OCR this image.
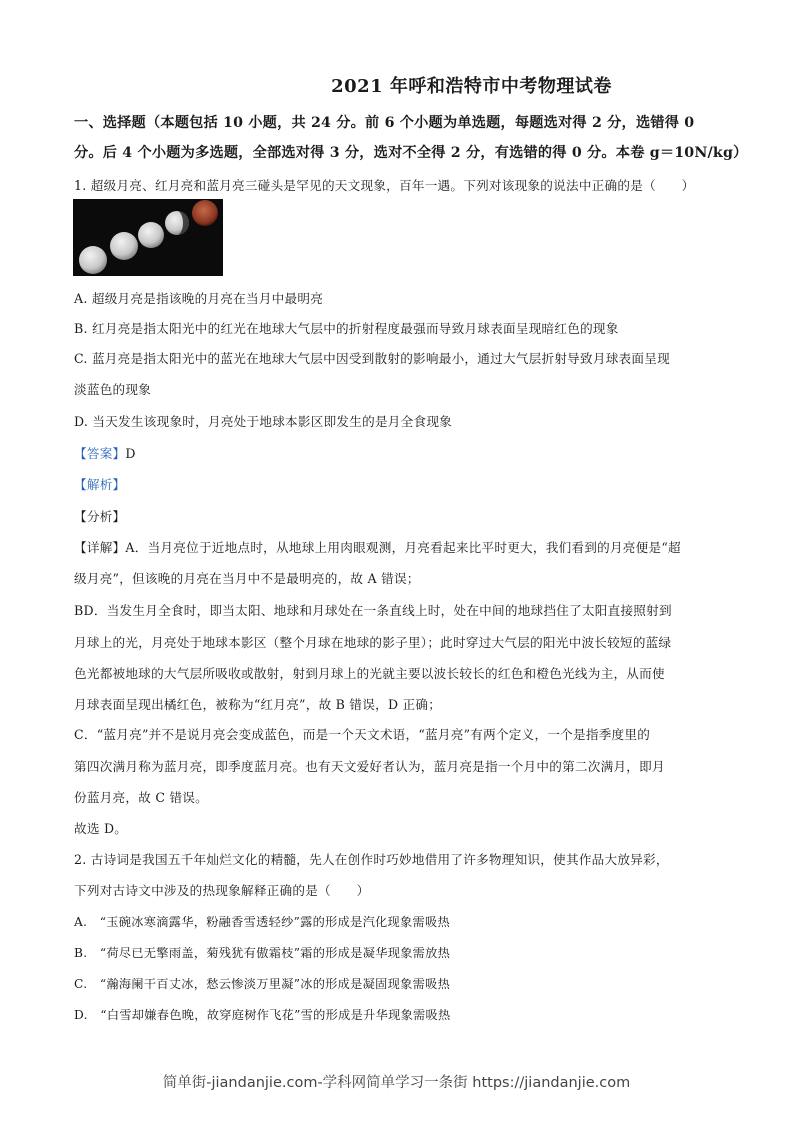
2021 年呼和浩特市中考物理试卷
一、选择题（本题包括 10 小题，共 24 分。前 6 个小题为单选题，每题选对得 2 分，选错得 0
分。后 4 个小题为多选题，全部选对得 3 分，选对不全得 2 分，有选错的得 0 分。本卷 g＝10N/kg）
1. 超级月亮、红月亮和蓝月亮三碰头是罕见的天文现象，百年一遇。下列对该现象的说法中正确的是（　　）
A. 超级月亮是指该晚的月亮在当月中最明亮
B. 红月亮是指太阳光中的红光在地球大气层中的折射程度最强而导致月球表面呈现暗红色的现象
C. 蓝月亮是指太阳光中的蓝光在地球大气层中因受到散射的影响最小，通过大气层折射导致月球表面呈现
淡蓝色的现象
D. 当天发生该现象时，月亮处于地球本影区即发生的是月全食现象
【答案】D
【解析】
【分析】
【详解】A．当月亮位于近地点时，从地球上用肉眼观测，月亮看起来比平时更大，我们看到的月亮便是“超
级月亮”，但该晚的月亮在当月中不是最明亮的，故 A 错误；
BD．当发生月全食时，即当太阳、地球和月球处在一条直线上时，处在中间的地球挡住了太阳直接照射到
月球上的光，月亮处于地球本影区（整个月球在地球的影子里）；此时穿过大气层的阳光中波长较短的蓝绿
色光都被地球的大气层所吸收或散射，射到月球上的光就主要以波长较长的红色和橙色光线为主，从而使
月球表面呈现出橘红色，被称为“红月亮”，故 B 错误，D 正确；
C．“蓝月亮”并不是说月亮会变成蓝色，而是一个天文术语，“蓝月亮”有两个定义，一个是指季度里的
第四次满月称为蓝月亮，即季度蓝月亮。也有天文爱好者认为，蓝月亮是指一个月中的第二次满月，即月
份蓝月亮，故 C 错误。
故选 D。
2. 古诗词是我国五千年灿烂文化的精髓，先人在创作时巧妙地借用了许多物理知识，使其作品大放异彩，
下列对古诗文中涉及的热现象解释正确的是（　　）
A.　“玉碗冰寒滴露华，粉融香雪透轻纱”露的形成是汽化现象需吸热
B.　“荷尽已无擎雨盖，菊残犹有傲霜枝”霜的形成是凝华现象需放热
C.　“瀚海阑干百丈冰，愁云惨淡万里凝”冰的形成是凝固现象需吸热
D.　“白雪却嫌春色晚，故穿庭树作飞花”雪的形成是升华现象需吸热
简单街-jiandanjie.com-学科网简单学习一条街 https://jiandanjie.com
